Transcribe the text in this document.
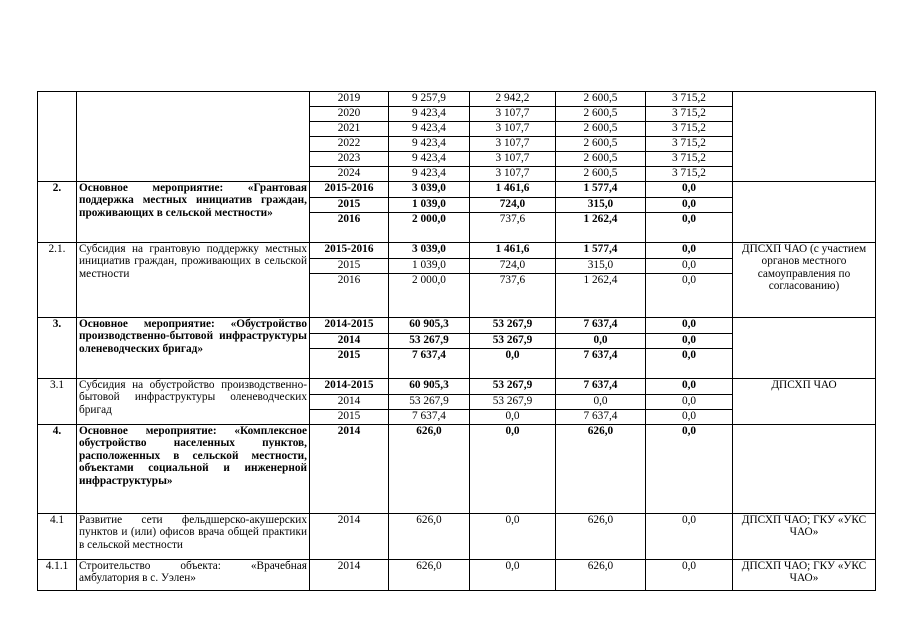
		2019	9 257,9	2 942,2	2 600,5	3 715,2	
		2020	9 423,4	3 107,7	2 600,5	3 715,2	
		2021	9 423,4	3 107,7	2 600,5	3 715,2	
		2022	9 423,4	3 107,7	2 600,5	3 715,2	
		2023	9 423,4	3 107,7	2 600,5	3 715,2	
		2024	9 423,4	3 107,7	2 600,5	3 715,2	
2.	Основное мероприятие: «Грантовая поддержка местных инициатив граждан, проживающих в сельской местности»	2015-2016	3 039,0	1 461,6	1 577,4	0,0	
		2015	1 039,0	724,0	315,0	0,0	
		2016	2 000,0	737,6	1 262,4	0,0	
2.1.	Субсидия на грантовую поддержку местных инициатив граждан, проживающих в сельской местности	2015-2016	3 039,0	1 461,6	1 577,4	0,0	ДПСХП ЧАО (с участием органов местного самоуправления по согласованию)
		2015	1 039,0	724,0	315,0	0,0	
		2016	2 000,0	737,6	1 262,4	0,0	
3.	Основное мероприятие: «Обустройство производственно-бытовой инфраструктуры оленеводческих бригад»	2014-2015	60 905,3	53 267,9	7 637,4	0,0	
		2014	53 267,9	53 267,9	0,0	0,0	
		2015	7 637,4	0,0	7 637,4	0,0	
3.1	Субсидия на обустройство производственно-бытовой инфраструктуры оленеводческих бригад	2014-2015	60 905,3	53 267,9	7 637,4	0,0	ДПСХП ЧАО
		2014	53 267,9	53 267,9	0,0	0,0	
		2015	7 637,4	0,0	7 637,4	0,0	
4.	Основное мероприятие: «Комплексное обустройство населенных пунктов, расположенных в сельской местности, объектами социальной и инженерной инфраструктуры»	2014	626,0	0,0	626,0	0,0	
4.1	Развитие сети фельдшерско-акушерских пунктов и (или) офисов врача общей практики в сельской местности	2014	626,0	0,0	626,0	0,0	ДПСХП ЧАО; ГКУ «УКС ЧАО»
4.1.1	Строительство объекта: «Врачебная амбулатория в с. Уэлен»	2014	626,0	0,0	626,0	0,0	ДПСХП ЧАО; ГКУ «УКС ЧАО»
